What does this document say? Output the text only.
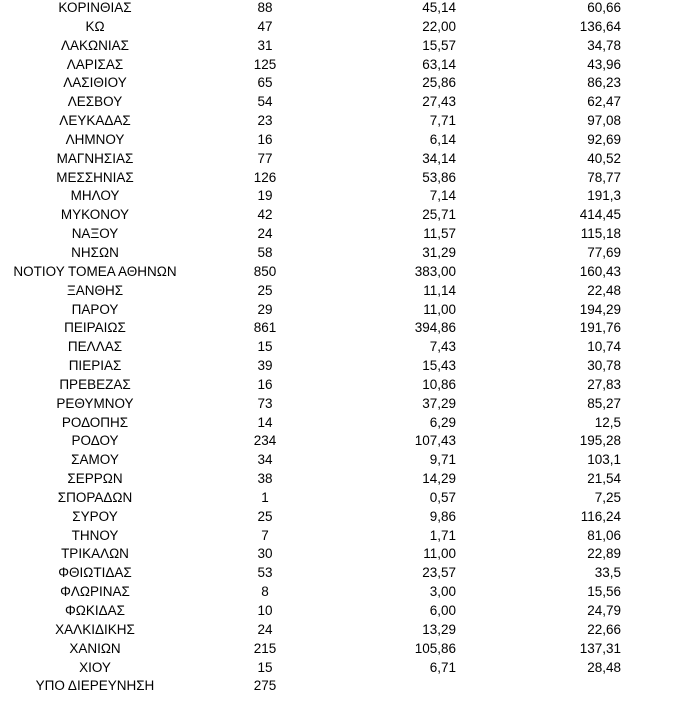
ΚΟΡΙΝΘΙΑΣ	88	45,14	60,66
ΚΩ	47	22,00	136,64
ΛΑΚΩΝΙΑΣ	31	15,57	34,78
ΛΑΡΙΣΑΣ	125	63,14	43,96
ΛΑΣΙΘΙΟΥ	65	25,86	86,23
ΛΕΣΒΟΥ	54	27,43	62,47
ΛΕΥΚΑΔΑΣ	23	7,71	97,08
ΛΗΜΝΟΥ	16	6,14	92,69
ΜΑΓΝΗΣΙΑΣ	77	34,14	40,52
ΜΕΣΣΗΝΙΑΣ	126	53,86	78,77
ΜΗΛΟΥ	19	7,14	191,3
ΜΥΚΟΝΟΥ	42	25,71	414,45
ΝΑΞΟΥ	24	11,57	115,18
ΝΗΣΩΝ	58	31,29	77,69
ΝΟΤΙΟΥ ΤΟΜΕΑ ΑΘΗΝΩΝ	850	383,00	160,43
ΞΑΝΘΗΣ	25	11,14	22,48
ΠΑΡΟΥ	29	11,00	194,29
ΠΕΙΡΑΙΩΣ	861	394,86	191,76
ΠΕΛΛΑΣ	15	7,43	10,74
ΠΙΕΡΙΑΣ	39	15,43	30,78
ΠΡΕΒΕΖΑΣ	16	10,86	27,83
ΡΕΘΥΜΝΟΥ	73	37,29	85,27
ΡΟΔΟΠΗΣ	14	6,29	12,5
ΡΟΔΟΥ	234	107,43	195,28
ΣΑΜΟΥ	34	9,71	103,1
ΣΕΡΡΩΝ	38	14,29	21,54
ΣΠΟΡΑΔΩΝ	1	0,57	7,25
ΣΥΡΟΥ	25	9,86	116,24
ΤΗΝΟΥ	7	1,71	81,06
ΤΡΙΚΑΛΩΝ	30	11,00	22,89
ΦΘΙΩΤΙΔΑΣ	53	23,57	33,5
ΦΛΩΡΙΝΑΣ	8	3,00	15,56
ΦΩΚΙΔΑΣ	10	6,00	24,79
ΧΑΛΚΙΔΙΚΗΣ	24	13,29	22,66
ΧΑΝΙΩΝ	215	105,86	137,31
ΧΙΟΥ	15	6,71	28,48
ΥΠΟ ΔΙΕΡΕΥΝΗΣΗ	275
